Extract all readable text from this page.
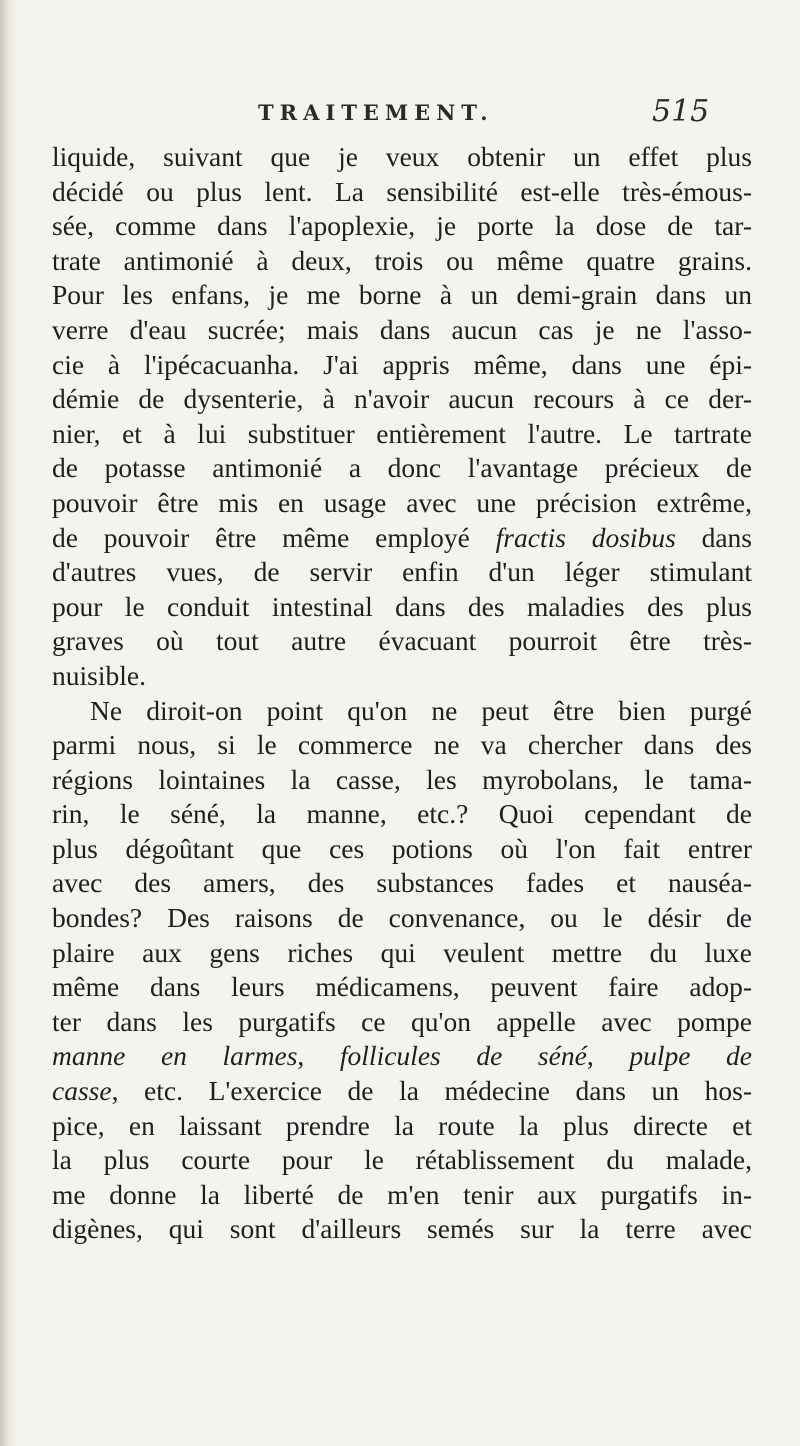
TRAITEMENT.	515
liquide, suivant que je veux obtenir un effet plus
décidé ou plus lent. La sensibilité est-elle très-émous-
sée, comme dans l'apoplexie, je porte la dose de tar-
trate antimonié à deux, trois ou même quatre grains.
Pour les enfans, je me borne à un demi-grain dans un
verre d'eau sucrée; mais dans aucun cas je ne l'asso-
cie à l'ipécacuanha. J'ai appris même, dans une épi-
démie de dysenterie, à n'avoir aucun recours à ce der-
nier, et à lui substituer entièrement l'autre. Le tartrate
de potasse antimonié a donc l'avantage précieux de
pouvoir être mis en usage avec une précision extrême,
de pouvoir être même employé fractis dosibus dans
d'autres vues, de servir enfin d'un léger stimulant
pour le conduit intestinal dans des maladies des plus
graves où tout autre évacuant pourroit être très-
nuisible.
Ne diroit-on point qu'on ne peut être bien purgé
parmi nous, si le commerce ne va chercher dans des
régions lointaines la casse, les myrobolans, le tama-
rin, le séné, la manne, etc.? Quoi cependant de
plus dégoûtant que ces potions où l'on fait entrer
avec des amers, des substances fades et nauséa-
bondes? Des raisons de convenance, ou le désir de
plaire aux gens riches qui veulent mettre du luxe
même dans leurs médicamens, peuvent faire adop-
ter dans les purgatifs ce qu'on appelle avec pompe
manne en larmes, follicules de séné, pulpe de
casse, etc. L'exercice de la médecine dans un hos-
pice, en laissant prendre la route la plus directe et
la plus courte pour le rétablissement du malade,
me donne la liberté de m'en tenir aux purgatifs in-
digènes, qui sont d'ailleurs semés sur la terre avec
